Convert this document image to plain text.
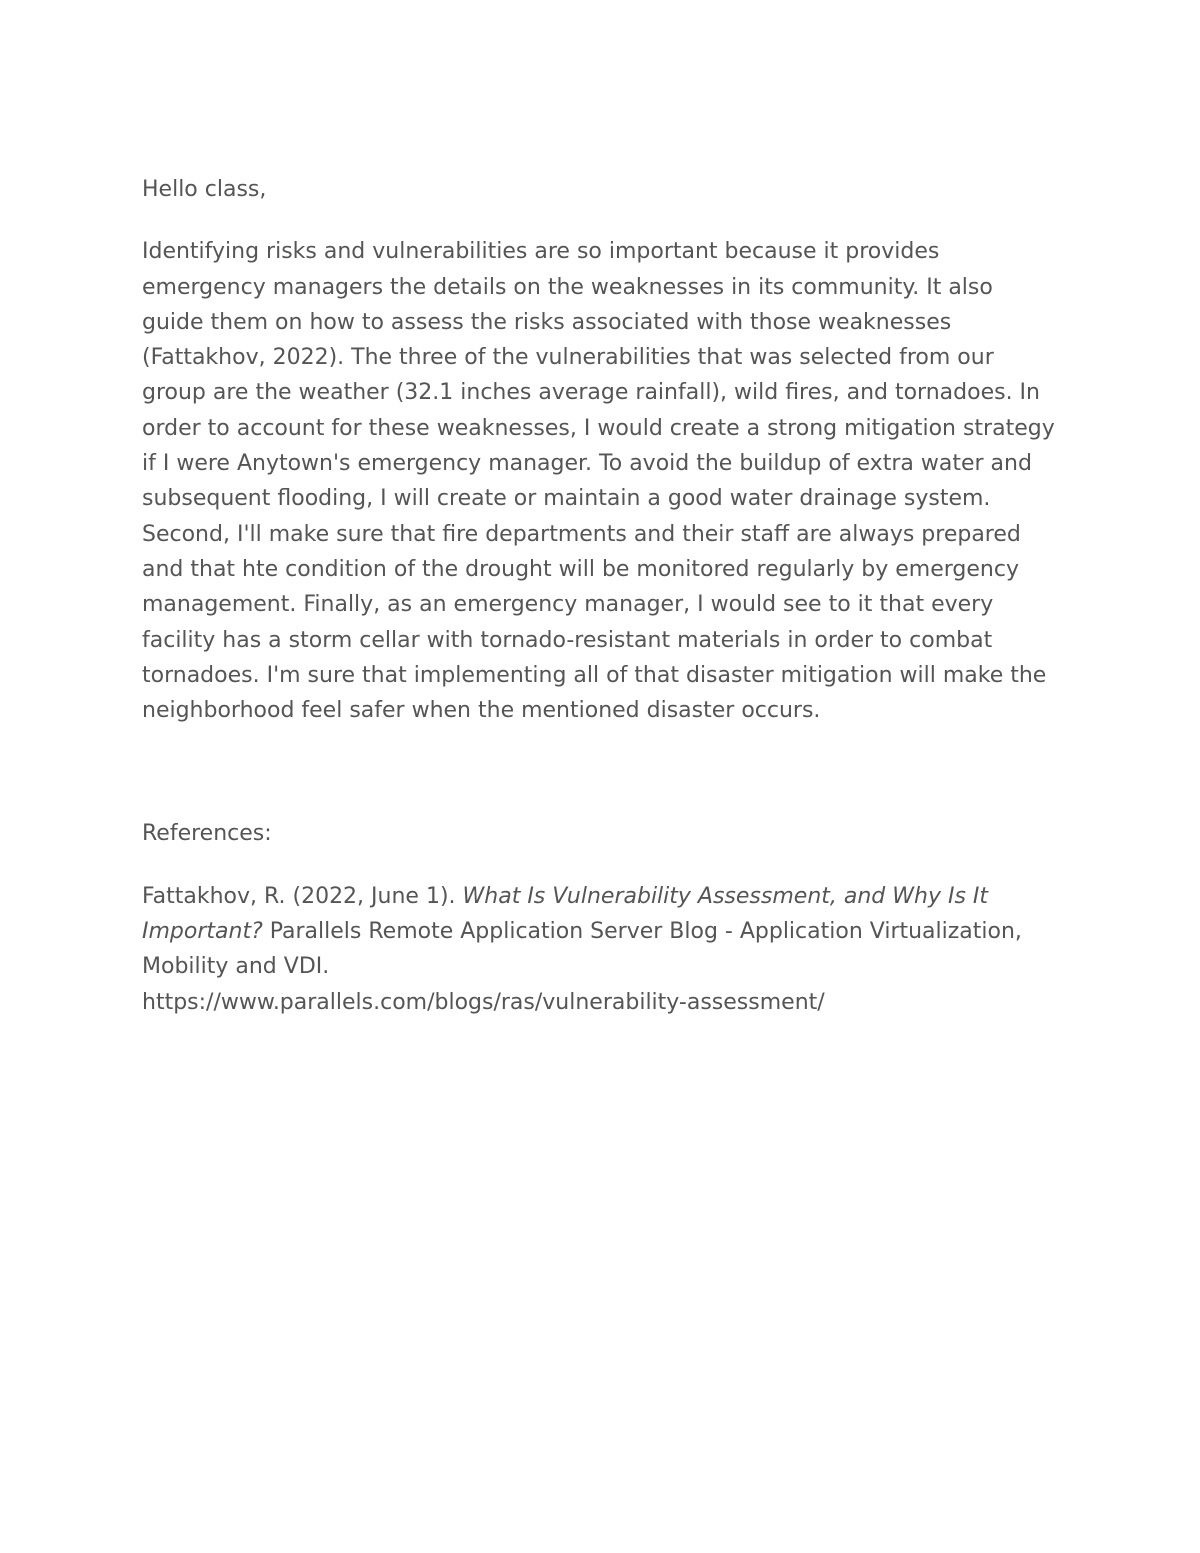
Hello class,

Identifying risks and vulnerabilities are so important because it provides emergency managers the details on the weaknesses in its community. It also guide them on how to assess the risks associated with those weaknesses (Fattakhov, 2022). The three of the vulnerabilities that was selected from our group are the weather (32.1 inches average rainfall), wild fires, and tornadoes. In order to account for these weaknesses, I would create a strong mitigation strategy if I were Anytown's emergency manager. To avoid the buildup of extra water and subsequent flooding, I will create or maintain a good water drainage system. Second, I'll make sure that fire departments and their staff are always prepared and that hte condition of the drought will be monitored regularly by emergency management. Finally, as an emergency manager, I would see to it that every facility has a storm cellar with tornado-resistant materials in order to combat tornadoes. I'm sure that implementing all of that disaster mitigation will make the neighborhood feel safer when the mentioned disaster occurs.

References:

Fattakhov, R. (2022, June 1). What Is Vulnerability Assessment, and Why Is It Important? Parallels Remote Application Server Blog - Application Virtualization, Mobility and VDI.
https://www.parallels.com/blogs/ras/vulnerability-assessment/
